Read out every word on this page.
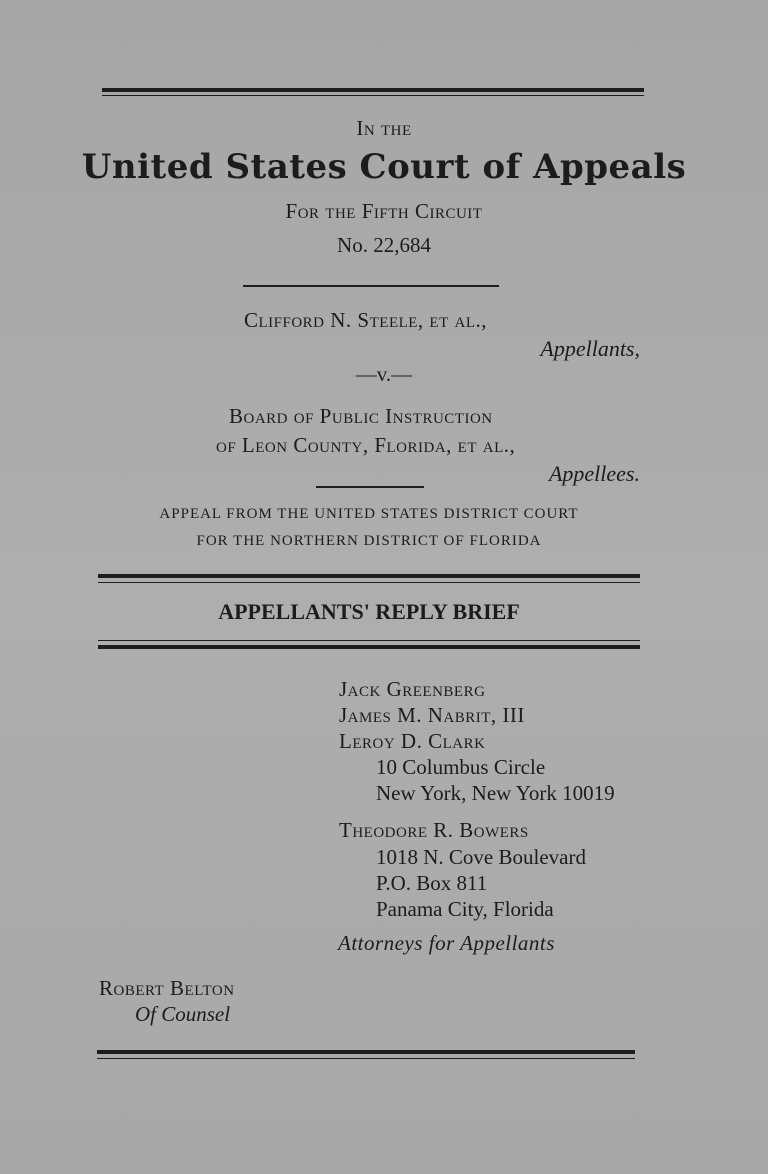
In the
United States Court of Appeals
For the Fifth Circuit
No. 22,684
Clifford N. Steele, et al.,
Appellants,
—v.—
Board of Public Instruction
of Leon County, Florida, et al.,
Appellees.
APPEAL FROM THE UNITED STATES DISTRICT COURT
FOR THE NORTHERN DISTRICT OF FLORIDA
APPELLANTS' REPLY BRIEF
Jack Greenberg
James M. Nabrit, III
Leroy D. Clark
10 Columbus Circle
New York, New York 10019
Theodore R. Bowers
1018 N. Cove Boulevard
P.O. Box 811
Panama City, Florida
Attorneys for Appellants
Robert Belton
Of Counsel
